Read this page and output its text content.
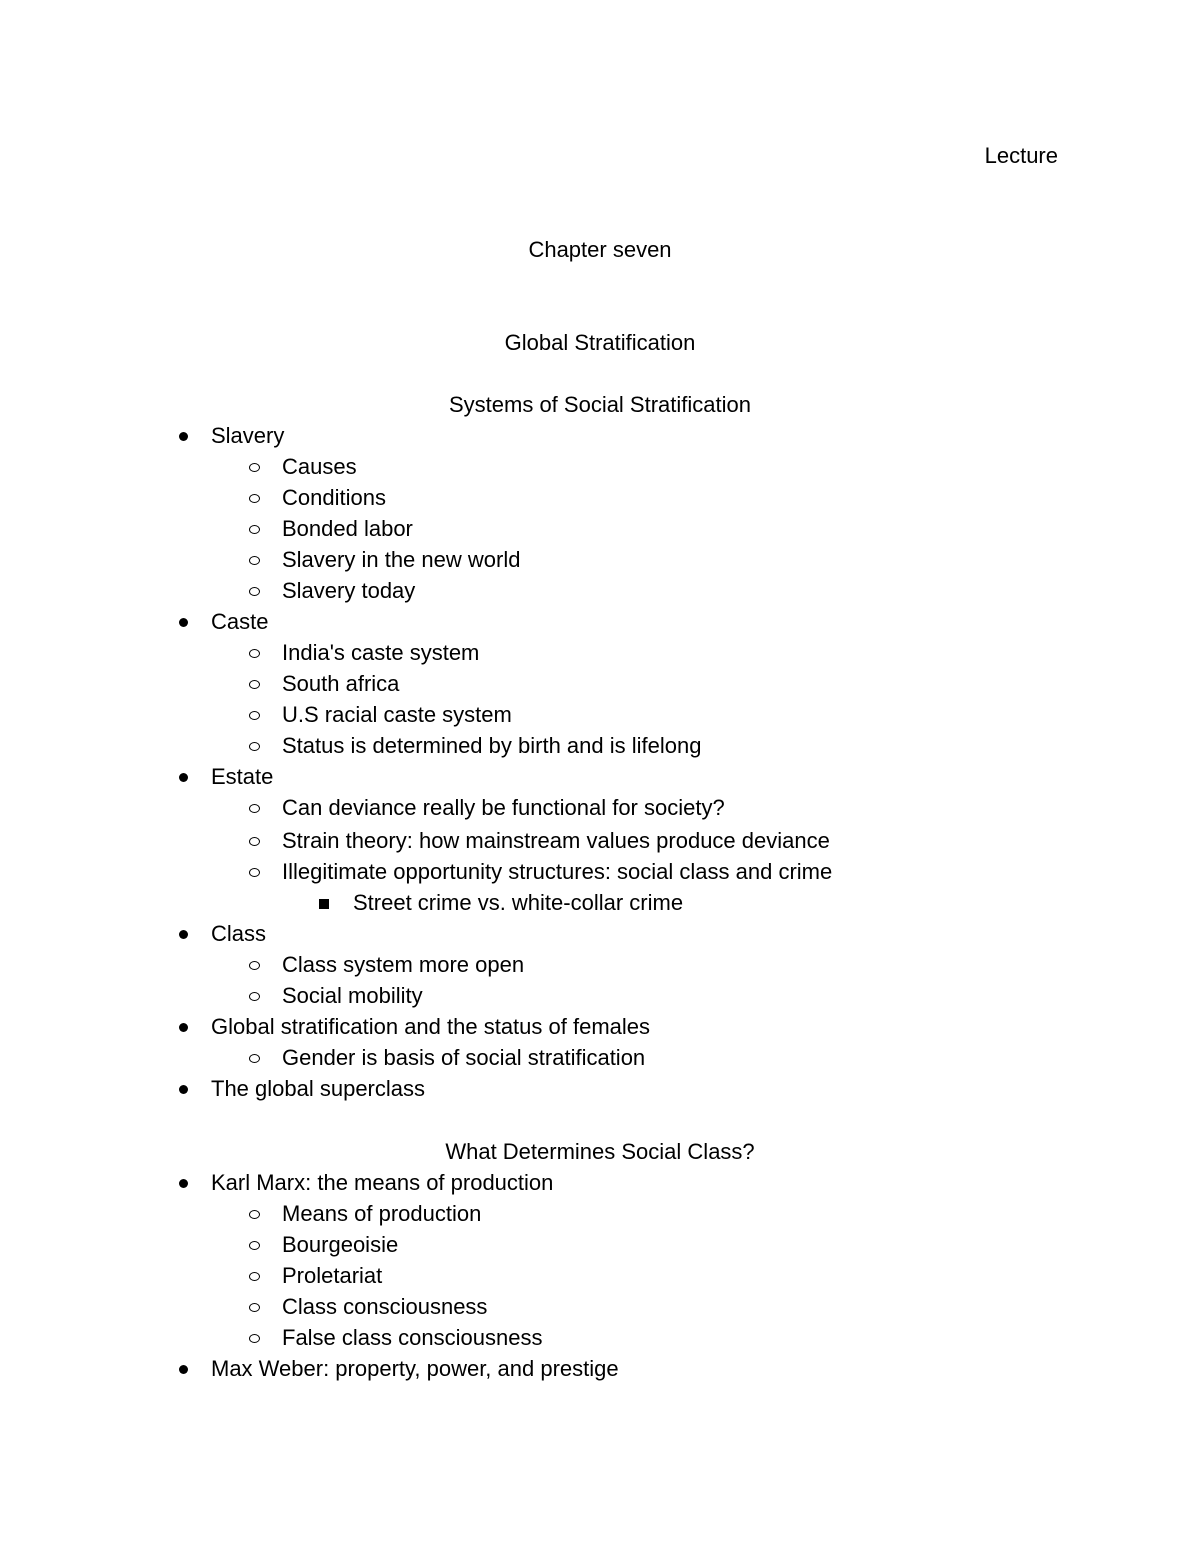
Lecture
Chapter seven
Global Stratification
Systems of Social Stratification
Slavery
Causes
Conditions
Bonded labor
Slavery in the new world
Slavery today
Caste
India's caste system
South africa
U.S racial caste system
Status is determined by birth and is lifelong
Estate
Can deviance really be functional for society?
Strain theory: how mainstream values produce deviance
Illegitimate opportunity structures: social class and crime
Street crime vs. white-collar crime
Class
Class system more open
Social mobility
Global stratification and the status of females
Gender is basis of social stratification
The global superclass
What Determines Social Class?
Karl Marx: the means of production
Means of production
Bourgeoisie
Proletariat
Class consciousness
False class consciousness
Max Weber: property, power, and prestige
